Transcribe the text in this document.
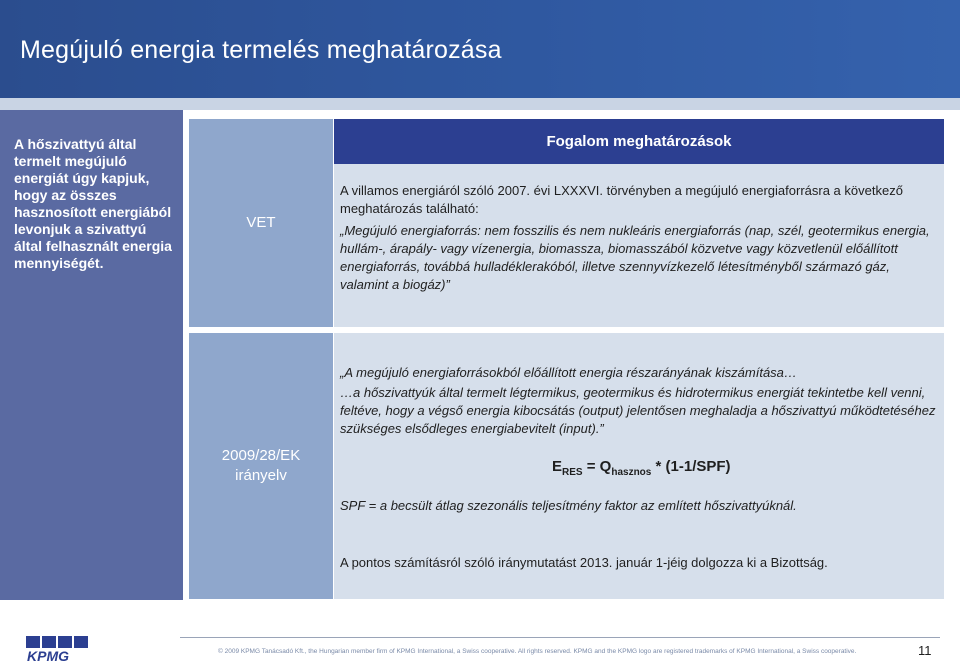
Megújuló energia termelés meghatározása
A hőszivattyú által termelt megújuló energiát úgy kapjuk, hogy az összes hasznosított energiából levonjuk a szivattyú által felhasznált energia mennyiségét.
Fogalom meghatározások
VET
A villamos energiáról szóló 2007. évi LXXXVI. törvényben a megújuló energiaforrásra a következő meghatározás található:
„Megújuló energiaforrás: nem fosszilis és nem nukleáris energiaforrás (nap, szél, geotermikus energia, hullám-, árapály- vagy vízenergia, biomassza, biomasszából közvetve vagy közvetlenül előállított energiaforrás, továbbá hulladéklerakóból, illetve szennyvízkezelő létesítményből származó gáz, valamint a biogáz)”
2009/28/EK irányelv
„A megújuló energiaforrásokból előállított energia részarányának kiszámítása…
…a hőszivattyúk által termelt légtermikus, geotermikus és hidrotermikus energiát tekintetbe kell venni, feltéve, hogy a végső energia kibocsátás (output) jelentősen meghaladja a hőszivattyú működtetéséhez szükséges elsődleges energiabevitelt (input).”
$E_{RES} = Q_{hasznos} * (1-1/SPF)$
SPF = a becsült átlag szezonális teljesítmény faktor az említett hőszivattyúknál.
A pontos számításról szóló iránymutatást 2013. január 1-jéig dolgozza ki a Bizottság.
KPMG	© 2009 KPMG Tanácsadó Kft., the Hungarian member firm of KPMG International, a Swiss cooperative. All rights reserved. KPMG and the KPMG logo are registered trademarks of KPMG International, a Swiss cooperative.	11
